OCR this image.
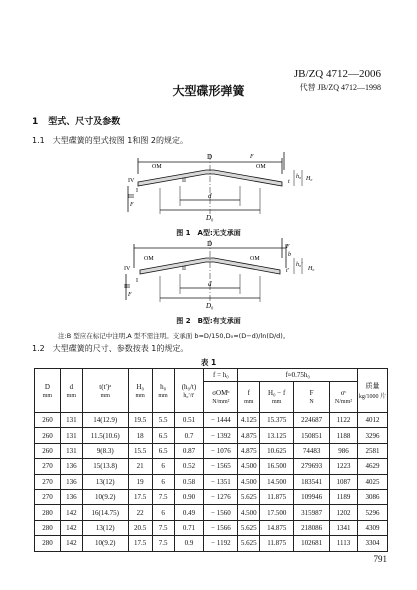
JB/ZQ 4712—2006
代替 JB/ZQ 4712—1998
大型碟形弹簧
1 型式、尺寸及参数
1.1　大型碟簧的型式按图 1和图 2的规定。
D
d
D₀
OM	OM
F
F
I
II
IV
III
t
h₀ H₀
图 1　A型:无支承面
D
d
D₀
OM	OM
F
F
I
II
IV
III
b
t′
h₀′
H₀
图 2　B型:有支承面
注:B 型应在标记中注明,A 型不需注明。支承面 b≈D/150,D₀≈(D−d)/ln(D/d)。
1.2　大型碟簧的尺寸、参数按表 1的规定。
表 1
D
mm	d
mm	t(t′)ᵃ
mm	H₀
mm	h₀
mm	(h₀/t)
h₀′/t′	f = h₀	f≈0.75h₀				质量
kg/1000 片

						σOMᵇ
N/mm²	f
mm	H₀ − f
mm	F
N	σᶜ
N/mm²	
260	131	14(12.9)	19.5	5.5	0.51	− 1444	4.125	15.375	224687	1122	4012
260	131	11.5(10.6)	18	6.5	0.7	− 1392	4.875	13.125	150851	1188	3296
260	131	9(8.3)	15.5	6.5	0.87	− 1076	4.875	10.625	74483	986	2581
270	136	15(13.8)	21	6	0.52	− 1565	4.500	16.500	279693	1223	4629
270	136	13(12)	19	6	0.58	− 1351	4.500	14.500	183541	1087	4025
270	136	10(9.2)	17.5	7.5	0.90	− 1276	5.625	11.875	109946	1189	3086
280	142	16(14.75)	22	6	0.49	− 1560	4.500	17.500	315987	1202	5296
280	142	13(12)	20.5	7.5	0.71	− 1566	5.625	14.875	218086	1341	4309
280	142	10(9.2)	17.5	7.5	0.9	− 1192	5.625	11.875	102681	1113	3304
791
